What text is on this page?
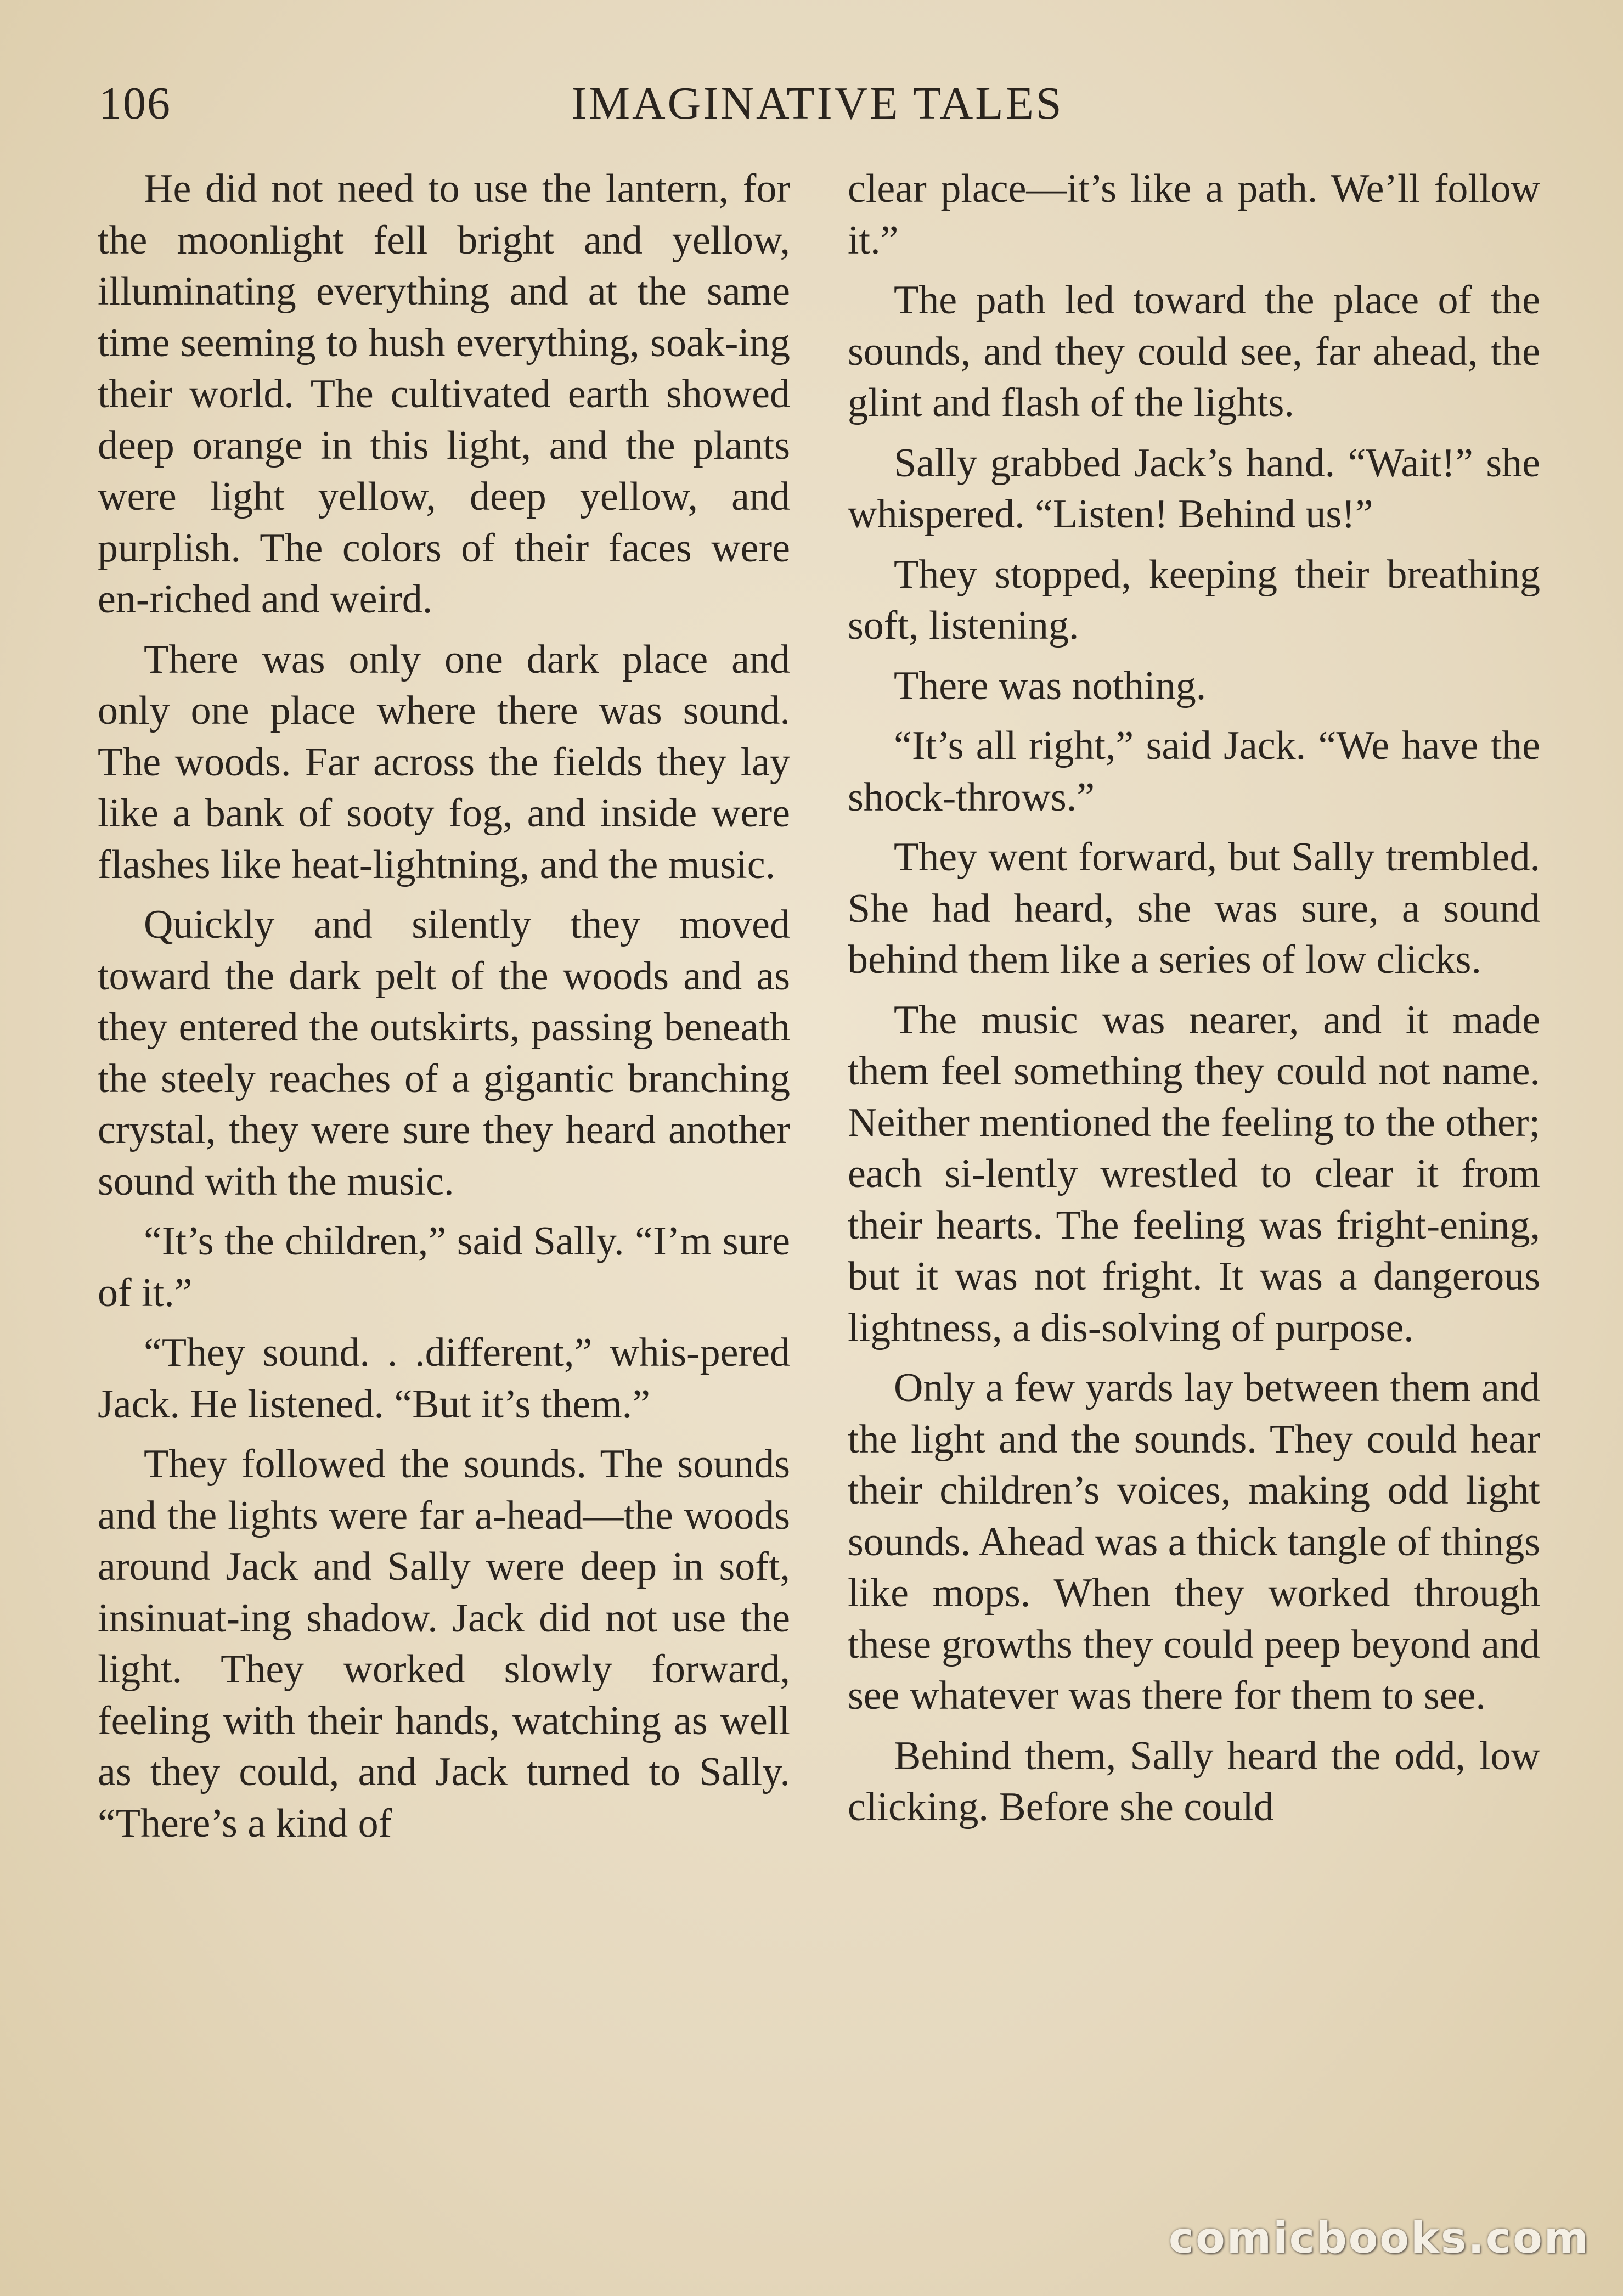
106	IMAGINATIVE TALES

He did not need to use the lantern, for the moonlight fell bright and yellow, illuminating everything and at the same time seeming to hush everything, soak-ing their world. The cultivated earth showed deep orange in this light, and the plants were light yellow, deep yellow, and purplish. The colors of their faces were en-riched and weird.

There was only one dark place and only one place where there was sound. The woods. Far across the fields they lay like a bank of sooty fog, and inside were flashes like heat-lightning, and the music.

Quickly and silently they moved toward the dark pelt of the woods and as they entered the outskirts, passing beneath the steely reaches of a gigantic branching crystal, they were sure they heard another sound with the music.

“It’s the children,” said Sally. “I’m sure of it.”

“They sound. . .different,” whis-pered Jack. He listened. “But it’s them.”

They followed the sounds. The sounds and the lights were far a-head—the woods around Jack and Sally were deep in soft, insinuat-ing shadow. Jack did not use the light. They worked slowly forward, feeling with their hands, watching as well as they could, and Jack turned to Sally. “There’s a kind of

clear place—it’s like a path. We’ll follow it.”

The path led toward the place of the sounds, and they could see, far ahead, the glint and flash of the lights.

Sally grabbed Jack’s hand. “Wait!” she whispered. “Listen! Behind us!”

They stopped, keeping their breathing soft, listening.

There was nothing.

“It’s all right,” said Jack. “We have the shock-throws.”

They went forward, but Sally trembled. She had heard, she was sure, a sound behind them like a series of low clicks.

The music was nearer, and it made them feel something they could not name. Neither mentioned the feeling to the other; each si-lently wrestled to clear it from their hearts. The feeling was fright-ening, but it was not fright. It was a dangerous lightness, a dis-solving of purpose.

Only a few yards lay between them and the light and the sounds. They could hear their children’s voices, making odd light sounds. Ahead was a thick tangle of things like mops. When they worked through these growths they could peep beyond and see whatever was there for them to see.

Behind them, Sally heard the odd, low clicking. Before she could

comicbooks.com
